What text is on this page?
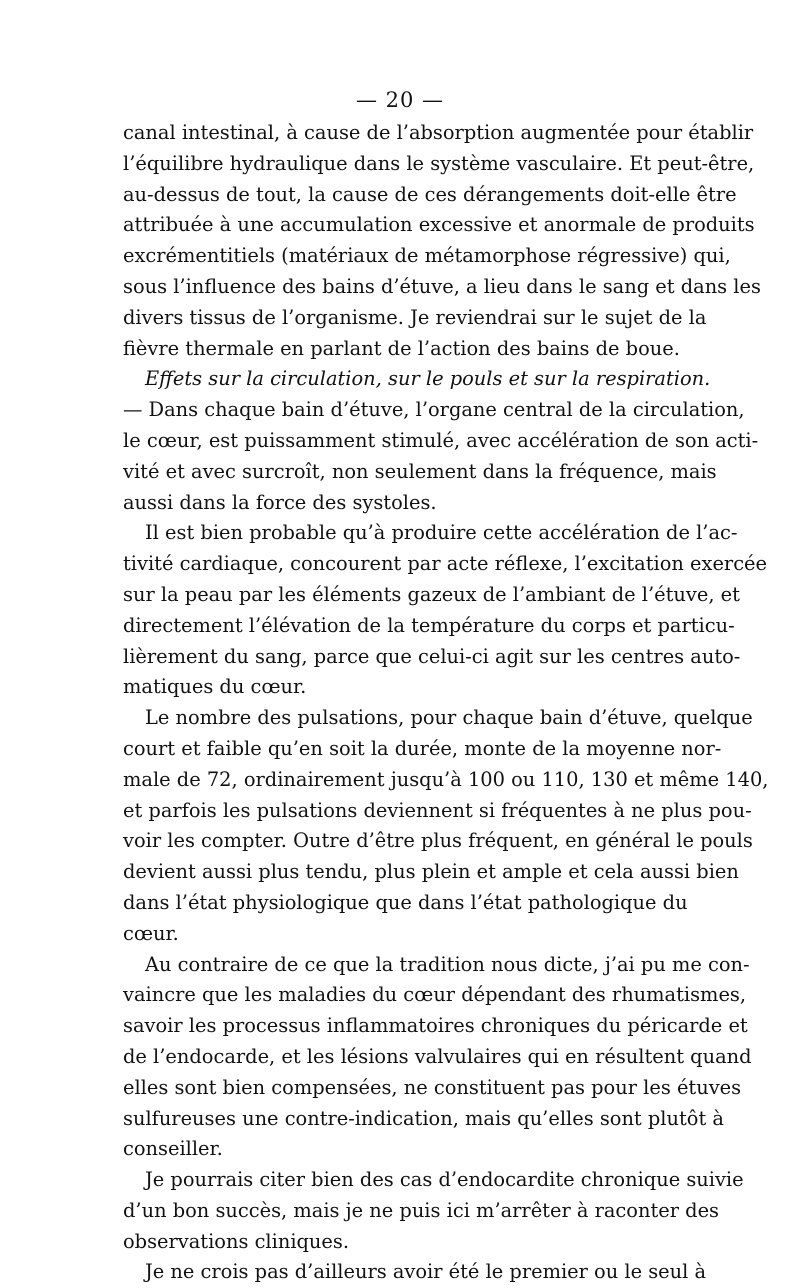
— 20 —
canal intestinal, à cause de l’absorption augmentée pour établir
l’équilibre hydraulique dans le système vasculaire. Et peut-être,
au-dessus de tout, la cause de ces dérangements doit-elle être
attribuée à une accumulation excessive et anormale de produits
excrémentitiels (matériaux de métamorphose régressive) qui,
sous l’influence des bains d’étuve, a lieu dans le sang et dans les
divers tissus de l’organisme. Je reviendrai sur le sujet de la
fièvre thermale en parlant de l’action des bains de boue.
Effets sur la circulation, sur le pouls et sur la respiration.
— Dans chaque bain d’étuve, l’organe central de la circulation,
le cœur, est puissamment stimulé, avec accélération de son acti-
vité et avec surcroît, non seulement dans la fréquence, mais
aussi dans la force des systoles.
Il est bien probable qu’à produire cette accélération de l’ac-
tivité cardiaque, concourent par acte réflexe, l’excitation exercée
sur la peau par les éléments gazeux de l’ambiant de l’étuve, et
directement l’élévation de la température du corps et particu-
lièrement du sang, parce que celui-ci agit sur les centres auto-
matiques du cœur.
Le nombre des pulsations, pour chaque bain d’étuve, quelque
court et faible qu’en soit la durée, monte de la moyenne nor-
male de 72, ordinairement jusqu’à 100 ou 110, 130 et même 140,
et parfois les pulsations deviennent si fréquentes à ne plus pou-
voir les compter. Outre d’être plus fréquent, en général le pouls
devient aussi plus tendu, plus plein et ample et cela aussi bien
dans l’état physiologique que dans l’état pathologique du
cœur.
Au contraire de ce que la tradition nous dicte, j’ai pu me con-
vaincre que les maladies du cœur dépendant des rhumatismes,
savoir les processus inflammatoires chroniques du péricarde et
de l’endocarde, et les lésions valvulaires qui en résultent quand
elles sont bien compensées, ne constituent pas pour les étuves
sulfureuses une contre-indication, mais qu’elles sont plutôt à
conseiller.
Je pourrais citer bien des cas d’endocardite chronique suivie
d’un bon succès, mais je ne puis ici m’arrêter à raconter des
observations cliniques.
Je ne crois pas d’ailleurs avoir été le premier ou le seul à
